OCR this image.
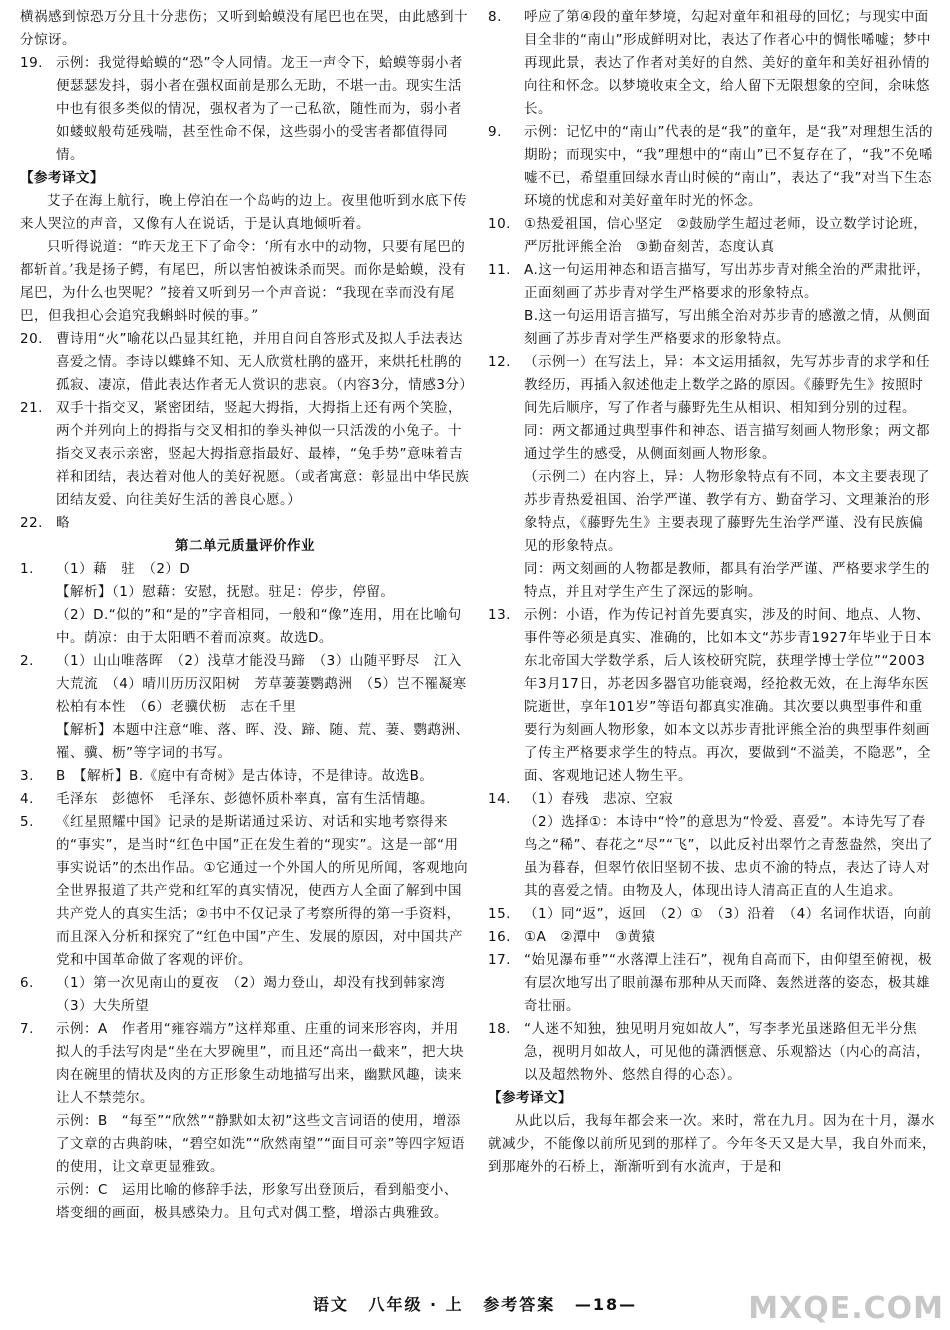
横祸感到惊恐万分且十分悲伤；又听到蛤蟆没有尾巴也在哭，由此感到十分惊讶。
19. 示例：我觉得蛤蟆的“恐”令人同情。龙王一声令下，蛤蟆等弱小者便瑟瑟发抖，弱小者在强权面前是那么无助，不堪一击。现实生活中也有很多类似的情况，强权者为了一己私欲，随性而为，弱小者如蝼蚁般苟延残喘，甚至性命不保，这些弱小的受害者都值得同情。
【参考译文】
艾子在海上航行，晚上停泊在一个岛屿的边上。夜里他听到水底下传来人哭泣的声音，又像有人在说话，于是认真地倾听着。
只听得说道：“昨天龙王下了命令：‘所有水中的动物，只要有尾巴的都斩首。’我是扬子鳄，有尾巴，所以害怕被诛杀而哭。而你是蛤蟆，没有尾巴，为什么也哭呢？”接着又听到另一个声音说：“我现在幸而没有尾巴，但我担心会追究我蝌蚪时候的事。”
20. 曹诗用“火”喻花以凸显其红艳，并用自问自答形式及拟人手法表达喜爱之情。李诗以蝶蜂不知、无人欣赏杜鹃的盛开，来烘托杜鹃的孤寂、凄凉，借此表达作者无人赏识的悲哀。（内容3分，情感3分）
21. 双手十指交叉，紧密团结，竖起大拇指，大拇指上还有两个笑脸，两个并列向上的拇指与交叉相扣的拳头神似一只活泼的小兔子。十指交叉表示亲密，竖起大拇指意指最好、最棒，“兔手势”意味着吉祥和团结，表达着对他人的美好祝愿。（或者寓意：彰显出中华民族团结友爱、向往美好生活的善良心愿。）
22. 略
第二单元质量评价作业
1.	（1）藉　驻　（2）D
【解析】（1）慰藉：安慰，抚慰。驻足：停步，停留。
（2）D.“似的”和“是的”字音相同，一般和“像”连用，用在比喻句中。荫凉：由于太阳晒不着而凉爽。故选D。
2.	（1）山山唯落晖　（2）浅草才能没马蹄　（3）山随平野尽　江入大荒流　（4）晴川历历汉阳树　芳草萋萋鹦鹉洲　（5）岂不罹凝寒　松柏有本性　（6）老骥伏枥　志在千里
【解析】本题中注意“唯、落、晖、没、蹄、随、荒、萋、鹦鹉洲、罹、骥、枥”等字词的书写。
3.	B　【解析】B.《庭中有奇树》是古体诗，不是律诗。故选B。
4.	毛泽东　彭德怀　毛泽东、彭德怀质朴率真，富有生活情趣。
5.	《红星照耀中国》记录的是斯诺通过采访、对话和实地考察得来的“事实”，是当时“红色中国”正在发生着的“现实”。这是一部“用事实说话”的杰出作品。①它通过一个外国人的所见所闻，客观地向全世界报道了共产党和红军的真实情况，使西方人全面了解到中国共产党人的真实生活；②书中不仅记录了考察所得的第一手资料，而且深入分析和探究了“红色中国”产生、发展的原因，对中国共产党和中国革命做了客观的评价。
6.	（1）第一次见南山的夏夜　（2）竭力登山，却没有找到韩家湾　（3）大失所望
7.	示例：A　作者用“雍容端方”这样郑重、庄重的词来形容肉，并用拟人的手法写肉是“坐在大罗碗里”，而且还“高出一截来”，把大块肉在碗里的情状及肉的方正形象生动地描写出来，幽默风趣，读来让人不禁莞尔。
示例：B　“每至”“欣然”“静默如太初”这些文言词语的使用，增添了文章的古典韵味，“碧空如洗”“欣然南望”“面目可亲”等四字短语的使用，让文章更显雅致。
示例：C　运用比喻的修辞手法，形象写出登顶后，看到船变小、塔变细的画面，极具感染力。且句式对偶工整，增添古典雅致。
8.	呼应了第④段的童年梦境，勾起对童年和祖母的回忆；与现实中面目全非的“南山”形成鲜明对比，表达了作者心中的惆怅唏嘘；梦中再现此景，表达了作者对美好的自然、美好的童年和美好祖孙情的向往和怀念。以梦境收束全文，给人留下无限想象的空间，余味悠长。
9.	示例：记忆中的“南山”代表的是“我”的童年，是“我”对理想生活的期盼；而现实中，“我”理想中的“南山”已不复存在了，“我”不免唏嘘不已，希望重回绿水青山时候的“南山”，表达了“我”对当下生态环境的忧虑和对美好童年时光的怀念。
10. ①热爱祖国，信心坚定　②鼓励学生超过老师，设立数学讨论班，严厉批评熊全治　③勤奋刻苦，态度认真
11. A.这一句运用神态和语言描写，写出苏步青对熊全治的严肃批评，正面刻画了苏步青对学生严格要求的形象特点。
B.这一句运用语言描写，写出熊全治对苏步青的感激之情，从侧面刻画了苏步青对学生严格要求的形象特点。
12. （示例一）在写法上，异：本文运用插叙，先写苏步青的求学和任教经历，再插入叙述他走上数学之路的原因。《藤野先生》按照时间先后顺序，写了作者与藤野先生从相识、相知到分别的过程。
同：两文都通过典型事件和神态、语言描写刻画人物形象；两文都通过学生的感受，从侧面刻画人物形象。
（示例二）在内容上，异：人物形象特点有不同，本文主要表现了苏步青热爱祖国、治学严谨、教学有方、勤奋学习、文理兼治的形象特点，《藤野先生》主要表现了藤野先生治学严谨、没有民族偏见的形象特点。
同：两文刻画的人物都是教师，都具有治学严谨、严格要求学生的特点，并且对学生产生了深远的影响。
13. 示例：小语，作为传记衬首先要真实，涉及的时间、地点、人物、事件等必须是真实、准确的，比如本文“苏步青1927年毕业于日本东北帝国大学数学系，后人该校研究院，获理学博士学位”“2003年3月17日，苏老因多器官功能衰竭，经抢救无效，在上海华东医院逝世，享年101岁”等语句都真实准确。其次要以典型事件和重要行为刻画人物形象，如本文以苏步青批评熊全治的典型事件刻画了传主严格要求学生的特点。再次，要做到“不溢美，不隐恶”，全面、客观地记述人物生平。
14. （1）春残　悲凉、空寂
（2）选择①：本诗中“怜”的意思为“怜爱、喜爱”。本诗先写了春鸟之“稀”、春花之“尽”“飞”，以此反衬出翠竹之青葱盎然，突出了虽为暮春，但翠竹依旧坚韧不拔、忠贞不渝的特点，表达了诗人对其的喜爱之情。由物及人，体现出诗人清高正直的人生追求。
15. （1）同“返”，返回　（2）①　（3）沿着　（4）名词作状语，向前
16. ①A　②潭中　③黄猿
17. “始见瀑布垂”“水落潭上洼石”，视角自高而下，由仰望至俯视，极有层次地写出了眼前瀑布那种从天而降、轰然迸落的姿态，极其雄奇壮丽。
18. “人迷不知独，独见明月宛如故人”，写李孝光虽迷路但无半分焦急，视明月如故人，可见他的潇洒惬意、乐观豁达（内心的高洁，以及超然物外、悠然自得的心态）。
【参考译文】
从此以后，我每年都会来一次。来时，常在九月。因为在十月，瀑水就减少，不能像以前所见到的那样了。今年冬天又是大旱，我自外而来，到那庵外的石桥上，渐渐听到有水流声，于是和
语文 八年级 · 上 参考答案 —18—	MXQE.COM
